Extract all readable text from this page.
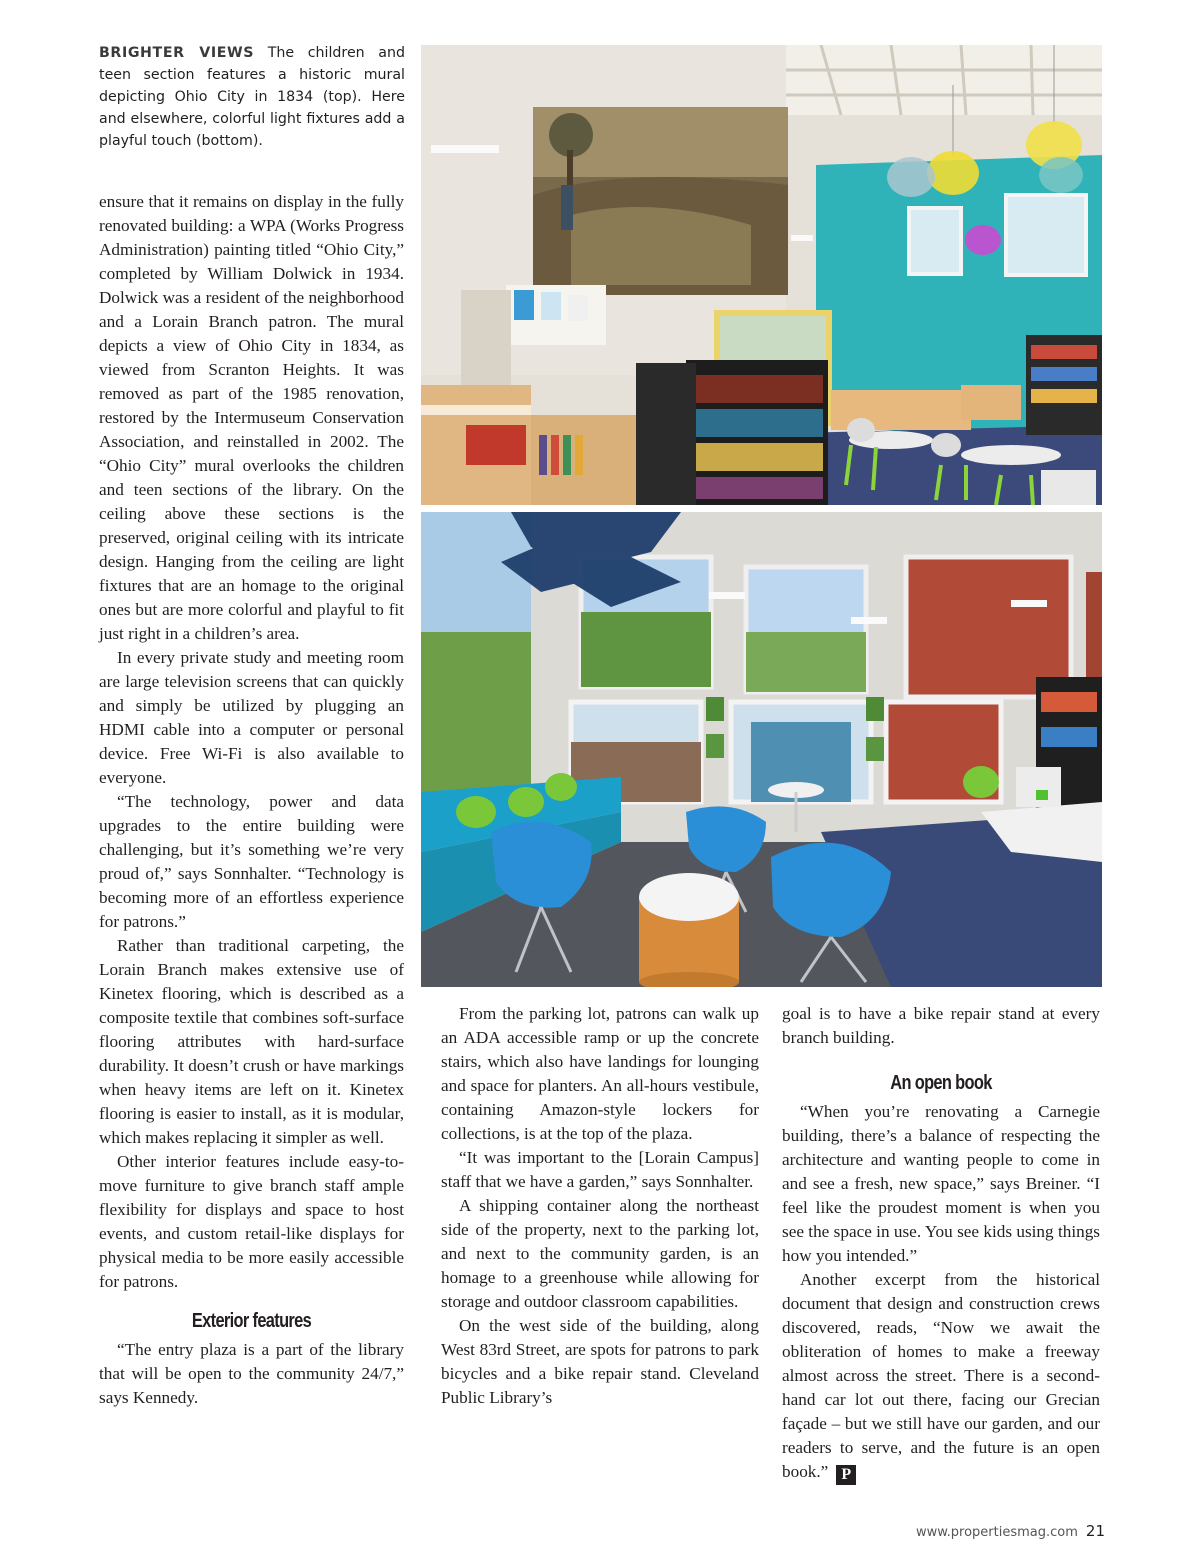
BRIGHTER VIEWS The children and teen section features a historic mural depicting Ohio City in 1834 (top). Here and elsewhere, colorful light fixtures add a playful touch (bottom).

ensure that it remains on display in the fully renovated building: a WPA (Works Progress Administration) painting titled “Ohio City,” completed by William Dolwick in 1934. Dolwick was a resident of the neighborhood and a Lorain Branch patron. The mural depicts a view of Ohio City in 1834, as viewed from Scranton Heights. It was removed as part of the 1985 renovation, restored by the Intermuseum Conservation Association, and reinstalled in 2002. The “Ohio City” mural overlooks the children and teen sections of the library. On the ceiling above these sections is the preserved, original ceiling with its intricate design. Hanging from the ceiling are light fixtures that are an homage to the original ones but are more colorful and playful to fit just right in a children’s area.

In every private study and meeting room are large television screens that can quickly and simply be utilized by plugging an HDMI cable into a computer or personal device. Free Wi-Fi is also available to everyone.

“The technology, power and data upgrades to the entire building were challenging, but it’s something we’re very proud of,” says Sonnhalter. “Technology is becoming more of an effortless experience for patrons.”

Rather than traditional carpeting, the Lorain Branch makes extensive use of Kinetex flooring, which is described as a composite textile that combines soft-surface flooring attributes with hard-surface durability. It doesn’t crush or have markings when heavy items are left on it. Kinetex flooring is easier to install, as it is modular, which makes replacing it simpler as well.

Other interior features include easy-to-move furniture to give branch staff ample flexibility for displays and space to host events, and custom retail-like displays for physical media to be more easily accessible for patrons.

Exterior features

“The entry plaza is a part of the library that will be open to the community 24/7,” says Kennedy.

From the parking lot, patrons can walk up an ADA accessible ramp or up the concrete stairs, which also have landings for lounging and space for planters. An all-hours vestibule, containing Amazon-style lockers for collections, is at the top of the plaza.

“It was important to the [Lorain Campus] staff that we have a garden,” says Sonnhalter.

A shipping container along the northeast side of the property, next to the parking lot, and next to the community garden, is an homage to a greenhouse while allowing for storage and outdoor classroom capabilities.

On the west side of the building, along West 83rd Street, are spots for patrons to park bicycles and a bike repair stand. Cleveland Public Library’s

goal is to have a bike repair stand at every branch building.

An open book

“When you’re renovating a Carnegie building, there’s a balance of respecting the architecture and wanting people to come in and see a fresh, new space,” says Breiner. “I feel like the proudest moment is when you see the space in use. You see kids using things how you intended.”

Another excerpt from the historical document that design and construction crews discovered, reads, “Now we await the obliteration of homes to make a freeway almost across the street. There is a second-hand car lot out there, facing our Grecian façade – but we still have our garden, and our readers to serve, and the future is an open book.” P

www.propertiesmag.com 21
